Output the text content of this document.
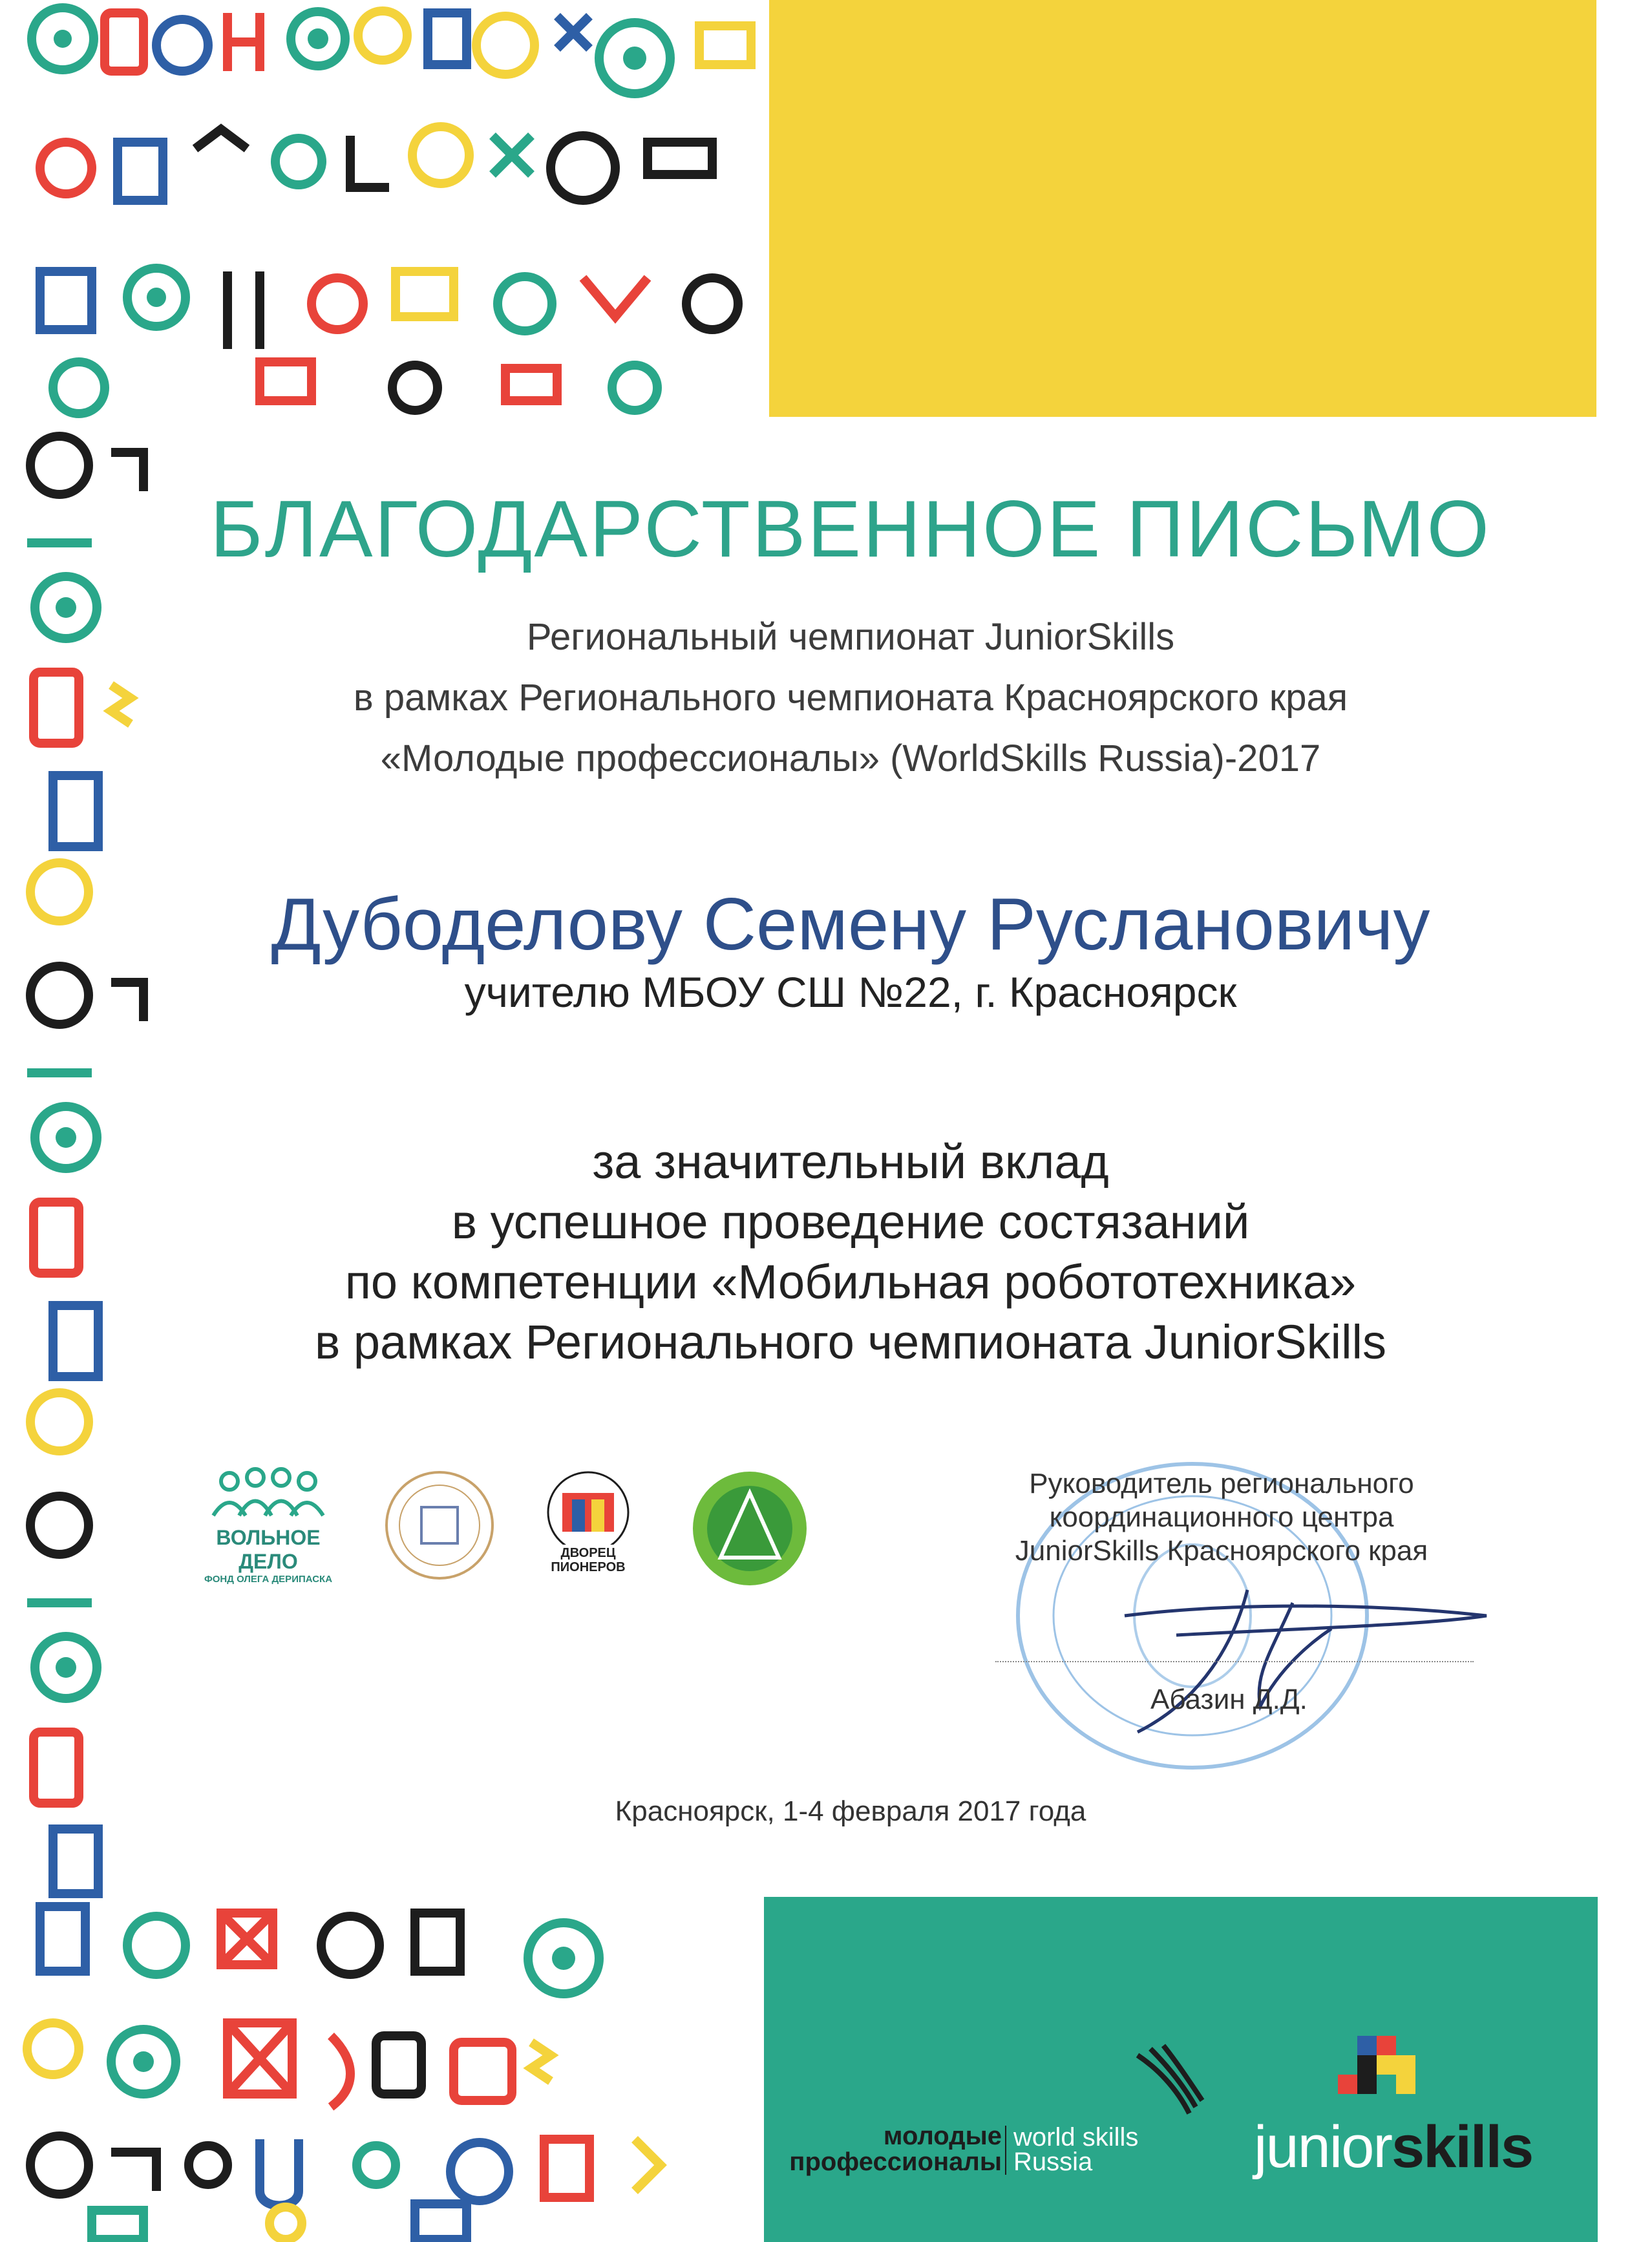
БЛАГОДАРСТВЕННОЕ ПИСЬМО
Региональный чемпионат JuniorSkills
в рамках Регионального чемпионата Красноярского края
«Молодые профессионалы» (WorldSkills Russia)-2017
Дубоделову Семену Руслановичу
учителю МБОУ СШ №22, г. Красноярск
за значительный вклад
в успешное проведение состязаний
по компетенции «Мобильная робототехника»
в рамках Регионального чемпионата JuniorSkills
ВОЛЬНОЕ ДЕЛО
ФОНД ОЛЕГА ДЕРИПАСКА
ДВОРЕЦ
ПИОНЕРОВ
Руководитель регионального
координационного центра
JuniorSkills Красноярского края
Абазин Д.Д.
Красноярск, 1-4 февраля 2017 года
молодые
профессионалы
world skills
Russia	juniorskills
